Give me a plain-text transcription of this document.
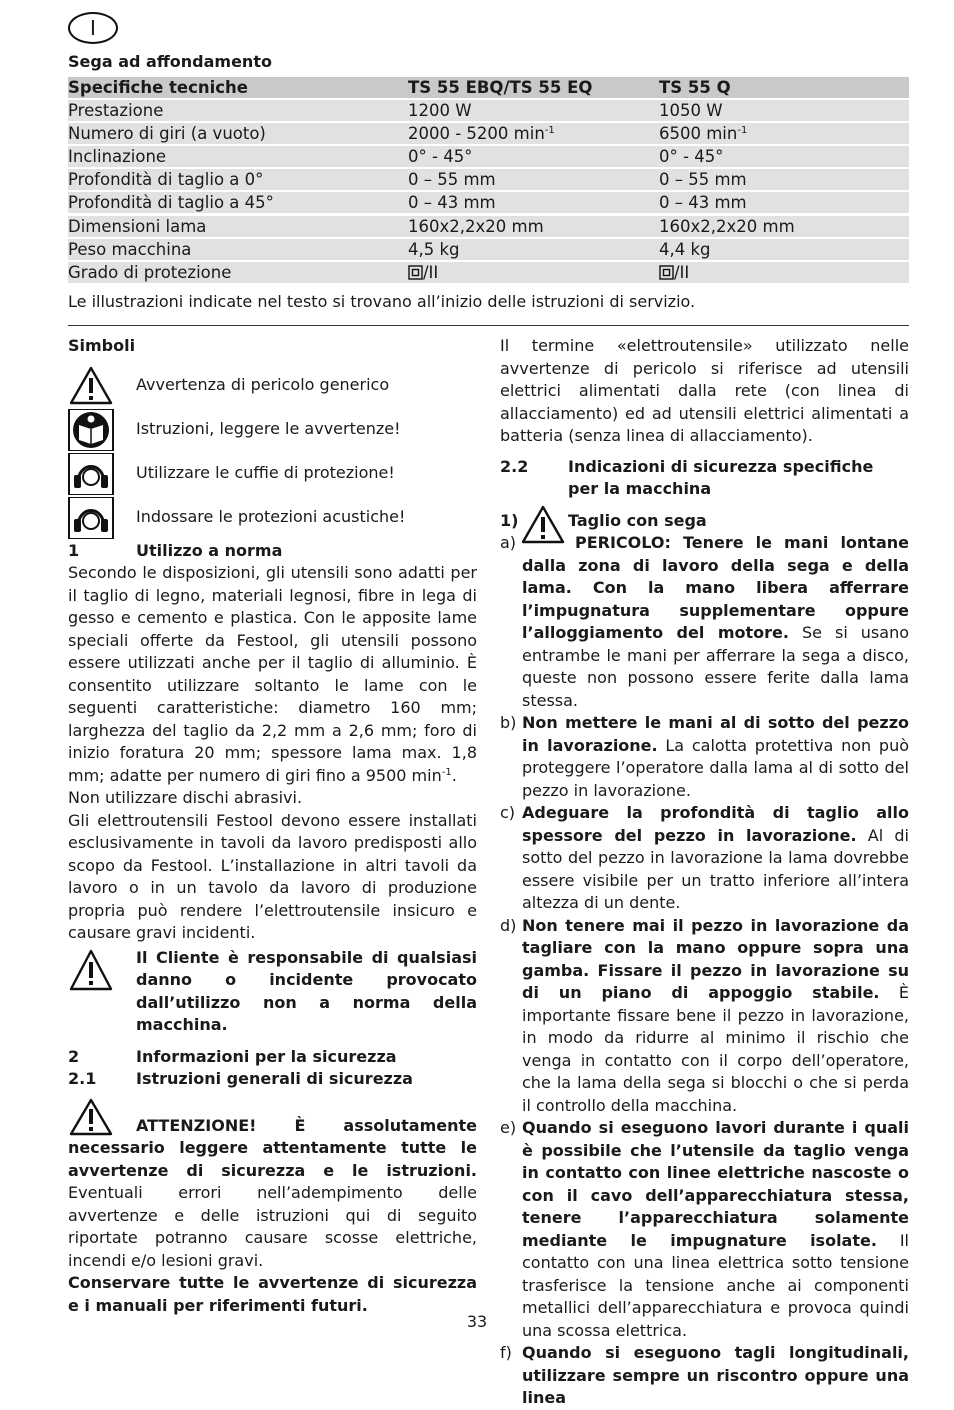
I
Sega ad affondamento
Specifiche tecniche	TS 55 EBQ/TS 55 EQ	TS 55 Q
Prestazione	1200 W	1050 W
Numero di giri (a vuoto)	2000 - 5200 $\min^{-1}$	6500 $\min^{-1}$
Inclinazione	0° - 45°	0° - 45°
Profondità di taglio a 0°	0 – 55 mm	0 – 55 mm
Profondità di taglio a 45°	0 – 43 mm	0 – 43 mm
Dimensioni lama	160x2,2x20 mm	160x2,2x20 mm
Peso macchina	4,5 kg	4,4 kg
Grado di protezione	/II	/II
Le illustrazioni indicate nel testo si trovano all’inizio delle istruzioni di servizio.
Simboli
Avvertenza di pericolo generico
Istruzioni, leggere le avvertenze!
Utilizzare le cuffie di protezione!
Indossare le protezioni acustiche!
1	Utilizzo a norma
Secondo le disposizioni, gli utensili sono adatti per il taglio di legno, materiali legnosi, fibre in lega di gesso e cemento e plastica. Con le apposite lame speciali offerte da Festool, gli utensili possono essere utilizzati anche per il taglio di alluminio. È consentito utilizzare soltanto le lame con le seguenti caratteristiche: diametro 160 mm; larghezza del taglio da 2,2 mm a 2,6 mm; foro di inizio foratura 20 mm; spessore lama max. 1,8 mm; adatte per numero di giri fino a 9500 $\min^{-1}$.
Non utilizzare dischi abrasivi.
Gli elettroutensili Festool devono essere installati esclusivamente in tavoli da lavoro predisposti allo scopo da Festool. L’installazione in altri tavoli da lavoro o in un tavolo da lavoro di produzione propria può rendere l’elettroutensile insicuro e causare gravi incidenti.
Il Cliente è responsabile di qualsiasi danno o incidente provocato dall’utilizzo non a norma della macchina.
2	Informazioni per la sicurezza
2.1	Istruzioni generali di sicurezza
ATTENZIONE! È assolutamente necessario leggere attentamente tutte le avvertenze di sicurezza e le istruzioni. Eventuali errori nell’adempimento delle avvertenze e delle istruzioni qui di seguito riportate potranno causare scosse elettriche, incendi e/o lesioni gravi.
Conservare tutte le avvertenze di sicurezza e i manuali per riferimenti futuri.
Il termine «elettroutensile» utilizzato nelle avvertenze di pericolo si riferisce ad utensili elettrici alimentati dalla rete (con linea di allacciamento) ed ad utensili elettrici alimentati a batteria (senza linea di allacciamento).
2.2	Indicazioni di sicurezza specifiche per la macchina
1)	Taglio con sega
a)	PERICOLO: Tenere le mani lontane dalla zona di lavoro della sega e della lama. Con la mano libera afferrare l’impugnatura supplementare oppure l’alloggiamento del motore. Se si usano entrambe le mani per afferrare la sega a disco, queste non possono essere ferite dalla lama stessa.
b) Non mettere le mani al di sotto del pezzo in lavorazione. La calotta protettiva non può proteggere l’operatore dalla lama al di sotto del pezzo in lavorazione.
c) Adeguare la profondità di taglio allo spessore del pezzo in lavorazione. Al di sotto del pezzo in lavorazione la lama dovrebbe essere visibile per un tratto inferiore all’intera altezza di un dente.
d) Non tenere mai il pezzo in lavorazione da tagliare con la mano oppure sopra una gamba. Fissare il pezzo in lavorazione su di un piano di appoggio stabile. È importante fissare bene il pezzo in lavorazione, in modo da ridurre al minimo il rischio che venga in contatto con il corpo dell’operatore, che la lama della sega si blocchi o che si perda il controllo della macchina.
e) Quando si eseguono lavori durante i quali è possibile che l’utensile da taglio venga in contatto con linee elettriche nascoste o con il cavo dell’apparecchiatura stessa, tenere l’apparecchiatura solamente mediante le impugnature isolate. Il contatto con una linea elettrica sotto tensione trasferisce la tensione anche ai componenti metallici dell’apparecchiatura e provoca quindi una scossa elettrica.
f) Quando si eseguono tagli longitudinali, utilizzare sempre un riscontro oppure una linea
33
